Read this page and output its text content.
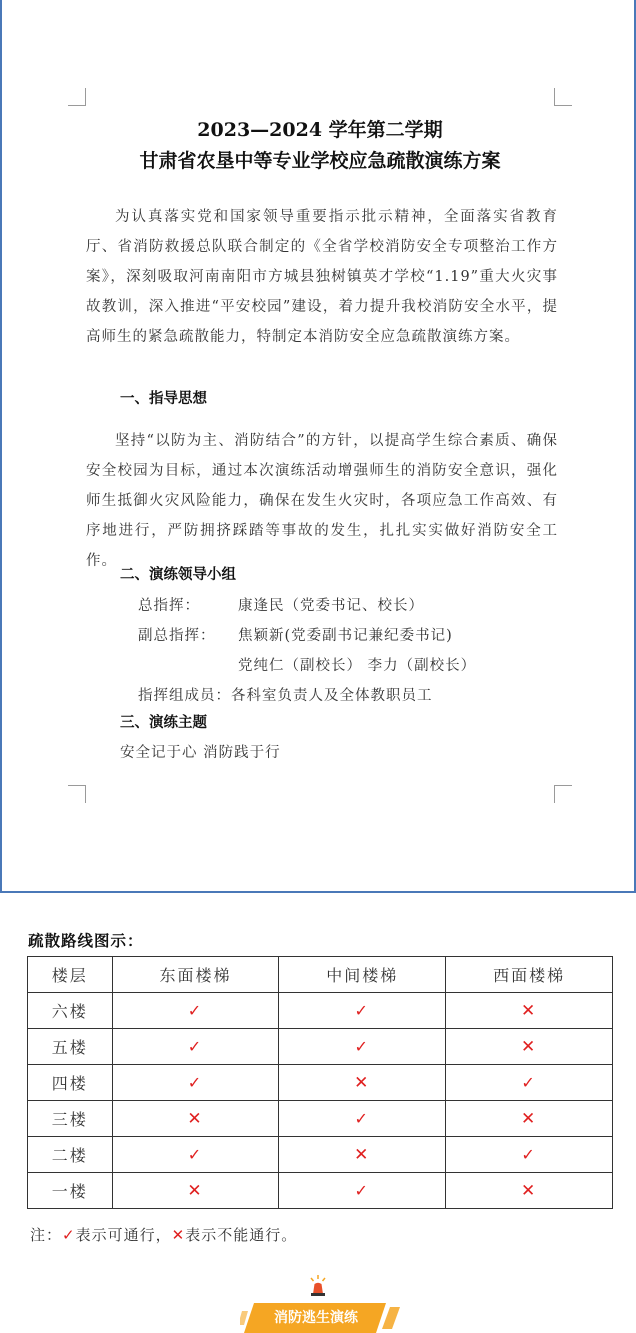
2023—2024 学年第二学期
甘肃省农垦中等专业学校应急疏散演练方案
为认真落实党和国家领导重要指示批示精神，全面落实省教育厅、省消防救援总队联合制定的《全省学校消防安全专项整治工作方案》，深刻吸取河南南阳市方城县独树镇英才学校“1.19”重大火灾事故教训，深入推进“平安校园”建设，着力提升我校消防安全水平，提高师生的紧急疏散能力，特制定本消防安全应急疏散演练方案。
一、指导思想
坚持“以防为主、消防结合”的方针，以提高学生综合素质、确保安全校园为目标，通过本次演练活动增强师生的消防安全意识，强化师生抵御火灾风险能力，确保在发生火灾时，各项应急工作高效、有序地进行，严防拥挤踩踏等事故的发生，扎扎实实做好消防安全工作。
二、演练领导小组
总指挥：	康逢民（党委书记、校长）
副总指挥： 焦颖新(党委副书记兼纪委书记)
党纯仁（副校长） 李力（副校长）
指挥组成员：各科室负责人及全体教职员工
三、演练主题
安全记于心 消防践于行
疏散路线图示：
楼层	东面楼梯	中间楼梯	西面楼梯
六楼	✓	✓	✕
五楼	✓	✓	✕
四楼	✓	✕	✓
三楼	✕	✓	✕
二楼	✓	✕	✓
一楼	✕	✓	✕
注：✓表示可通行，✕表示不能通行。
消防逃生演练
